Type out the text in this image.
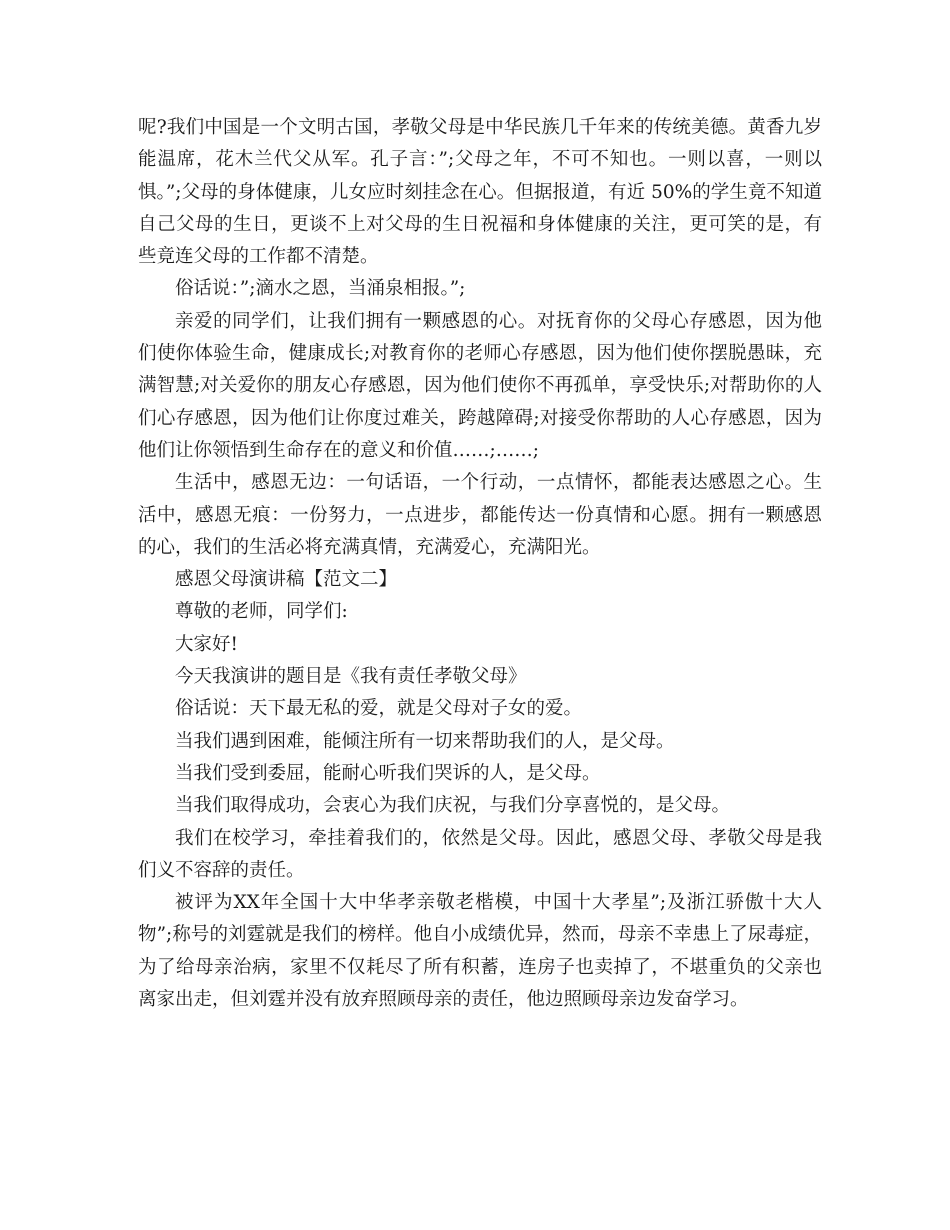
呢?我们中国是一个文明古国，孝敬父母是中华民族几千年来的传统美德。黄香九岁能温席，花木兰代父从军。孔子言：”;父母之年，不可不知也。一则以喜，一则以惧。”;父母的身体健康，儿女应时刻挂念在心。但据报道，有近 50%的学生竟不知道自己父母的生日，更谈不上对父母的生日祝福和身体健康的关注，更可笑的是，有些竟连父母的工作都不清楚。

俗话说：”;滴水之恩，当涌泉相报。”;

亲爱的同学们，让我们拥有一颗感恩的心。对抚育你的父母心存感恩，因为他们使你体验生命，健康成长;对教育你的老师心存感恩，因为他们使你摆脱愚昧，充满智慧;对关爱你的朋友心存感恩，因为他们使你不再孤单，享受快乐;对帮助你的人们心存感恩，因为他们让你度过难关，跨越障碍;对接受你帮助的人心存感恩，因为他们让你领悟到生命存在的意义和价值……;……;

生活中，感恩无边：一句话语，一个行动，一点情怀，都能表达感恩之心。生活中，感恩无痕：一份努力，一点进步，都能传达一份真情和心愿。拥有一颗感恩的心，我们的生活必将充满真情，充满爱心，充满阳光。

感恩父母演讲稿【范文二】

尊敬的老师，同学们:

大家好!

今天我演讲的题目是《我有责任孝敬父母》

俗话说：天下最无私的爱，就是父母对子女的爱。

当我们遇到困难，能倾注所有一切来帮助我们的人，是父母。

当我们受到委屈，能耐心听我们哭诉的人，是父母。

当我们取得成功，会衷心为我们庆祝，与我们分享喜悦的，是父母。

我们在校学习，牵挂着我们的，依然是父母。因此，感恩父母、孝敬父母是我们义不容辞的责任。

被评为XX年全国十大中华孝亲敬老楷模，中国十大孝星”;及浙江骄傲十大人物”;称号的刘霆就是我们的榜样。他自小成绩优异，然而，母亲不幸患上了尿毒症，为了给母亲治病，家里不仅耗尽了所有积蓄，连房子也卖掉了，不堪重负的父亲也离家出走，但刘霆并没有放弃照顾母亲的责任，他边照顾母亲边发奋学习。
